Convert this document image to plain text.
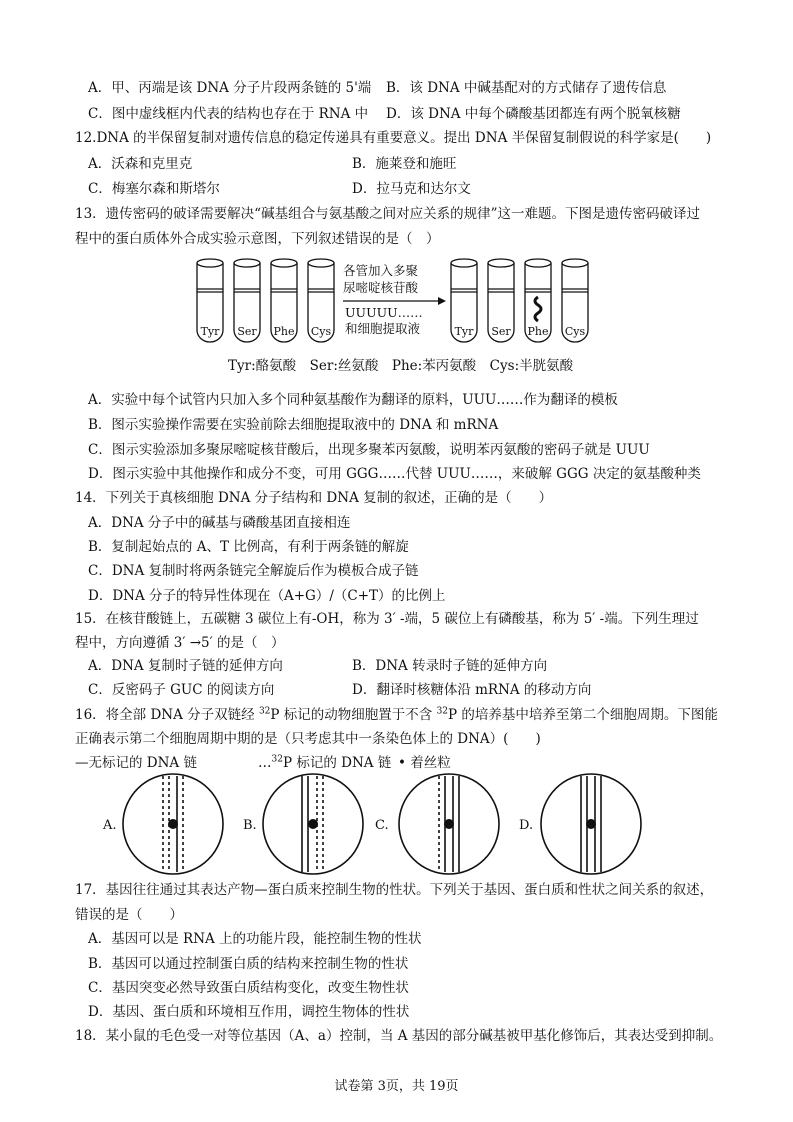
A．甲、丙端是该 DNA 分子片段两条链的 5'端 B．该 DNA 中碱基配对的方式储存了遗传信息
C．图中虚线框内代表的结构也存在于 RNA 中 D．该 DNA 中每个磷酸基团都连有两个脱氧核糖
12.DNA 的半保留复制对遗传信息的稳定传递具有重要意义。提出 DNA 半保留复制假说的科学家是(　　)
A．沃森和克里克	B．施莱登和施旺
C．梅塞尔森和斯塔尔	D．拉马克和达尔文
13．遗传密码的破译需要解决“碱基组合与氨基酸之间对应关系的规律”这一难题。下图是遗传密码破译过
程中的蛋白质体外合成实验示意图，下列叙述错误的是（　）
Tyr Ser Phe Cys	Tyr Ser Phe Cys
各管加入多聚
尿嘧啶核苷酸
UUUUU……
和细胞提取液
Tyr:酪氨酸　Ser:丝氨酸　Phe:苯丙氨酸　Cys:半胱氨酸
A．实验中每个试管内只加入多个同种氨基酸作为翻译的原料，UUU……作为翻译的模板
B．图示实验操作需要在实验前除去细胞提取液中的 DNA 和 mRNA
C．图示实验添加多聚尿嘧啶核苷酸后，出现多聚苯丙氨酸，说明苯丙氨酸的密码子就是 UUU
D．图示实验中其他操作和成分不变，可用 GGG……代替 UUU……，来破解 GGG 决定的氨基酸种类
14．下列关于真核细胞 DNA 分子结构和 DNA 复制的叙述，正确的是（　　）
A．DNA 分子中的碱基与磷酸基团直接相连
B．复制起始点的 A、T 比例高，有利于两条链的解旋
C．DNA 复制时将两条链完全解旋后作为模板合成子链
D．DNA 分子的特异性体现在（A+G）/（C+T）的比例上
15．在核苷酸链上，五碳糖 3 碳位上有-OH，称为 3′ -端，5 碳位上有磷酸基，称为 5′ -端。下列生理过
程中，方向遵循 3′ →5′ 的是（　）
A．DNA 复制时子链的延伸方向	B．DNA 转录时子链的延伸方向
C．反密码子 GUC 的阅读方向	D．翻译时核糖体沿 mRNA 的移动方向
16．将全部 DNA 分子双链经 $^{32}$P 标记的动物细胞置于不含 $^{32}$P 的培养基中培养至第二个细胞周期。下图能
正确表示第二个细胞周期中期的是（只考虑其中一条染色体上的 DNA）(　　)
—无标记的 DNA 链	…$^{32}$P 标记的 DNA 链 • 着丝粒
A.	B.	C.	D.
17．基因往往通过其表达产物—蛋白质来控制生物的性状。下列关于基因、蛋白质和性状之间关系的叙述，
错误的是（　　）
A．基因可以是 RNA 上的功能片段，能控制生物的性状
B．基因可以通过控制蛋白质的结构来控制生物的性状
C．基因突变必然导致蛋白质结构变化，改变生物性状
D．基因、蛋白质和环境相互作用，调控生物体的性状
18．某小鼠的毛色受一对等位基因（A、a）控制，当 A 基因的部分碱基被甲基化修饰后，其表达受到抑制。
试卷第 3页，共 19页
